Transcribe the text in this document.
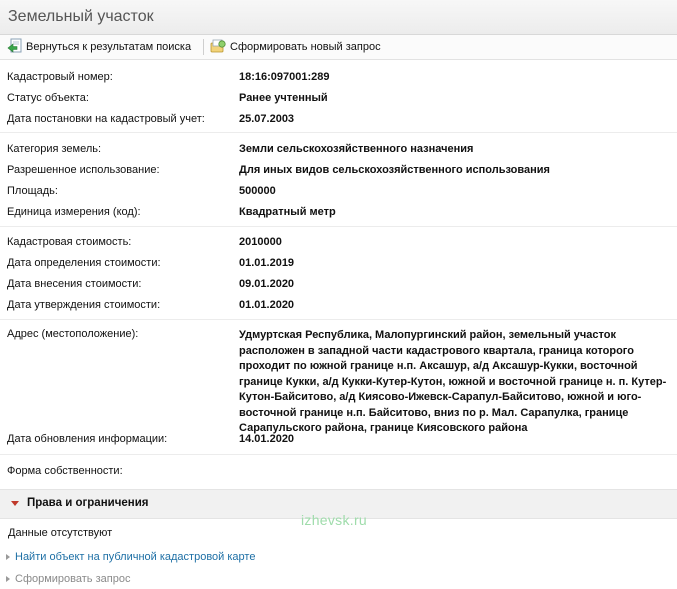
Земельный участок
Вернуться к результатам поиска	Сформировать новый запрос
Кадастровый номер:	18:16:097001:289
Статус объекта:	Ранее учтенный
Дата постановки на кадастровый учет:	25.07.2003
Категория земель:	Земли сельскохозяйственного назначения
Разрешенное использование:	Для иных видов сельскохозяйственного использования
Площадь:	500000
Единица измерения (код):	Квадратный метр
Кадастровая стоимость:	2010000
Дата определения стоимости:	01.01.2019
Дата внесения стоимости:	09.01.2020
Дата утверждения стоимости:	01.01.2020
Адрес (местоположение):	Удмуртская Республика, Малопургинский район, земельный участок расположен в западной части кадастрового квартала, граница которого проходит по южной границе н.п. Аксашур, а/д Аксашур-Кукки, восточной границе Кукки, а/д Кукки-Кутер-Кутон, южной и восточной границе н. п. Кутер-Кутон-Байситово, а/д Киясово-Ижевск-Сарапул-Байситово, южной и юго-восточной границе н.п. Байситово, вниз по р. Мал. Сарапулка, границе Сарапульского района, границе Киясовского района
Дата обновления информации:	14.01.2020
Форма собственности:
Права и ограничения
Данные отсутствуют
Найти объект на публичной кадастровой карте
Сформировать запрос
izhevsk.ru
